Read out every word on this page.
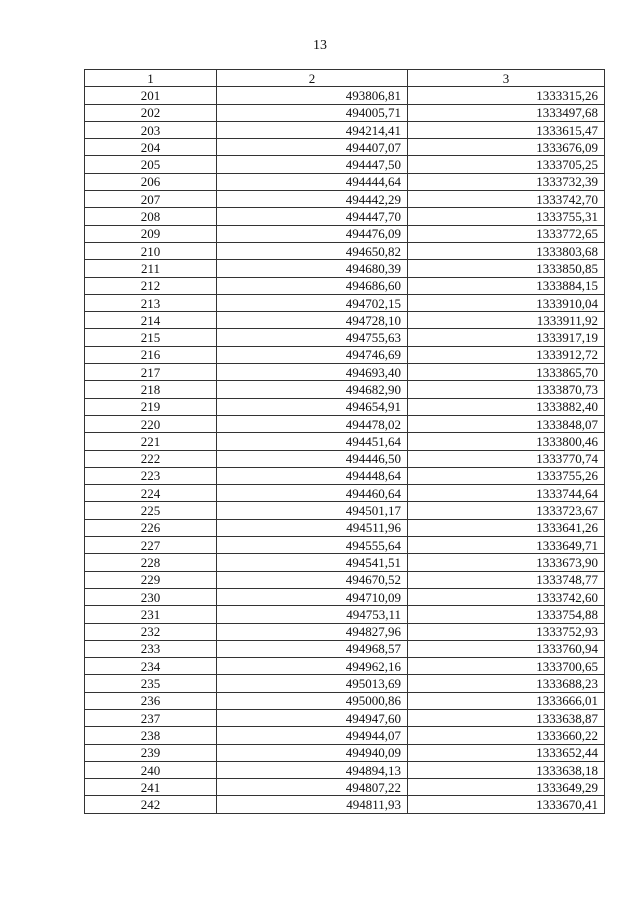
13
1	2	3
201	493806,81	1333315,26
202	494005,71	1333497,68
203	494214,41	1333615,47
204	494407,07	1333676,09
205	494447,50	1333705,25
206	494444,64	1333732,39
207	494442,29	1333742,70
208	494447,70	1333755,31
209	494476,09	1333772,65
210	494650,82	1333803,68
211	494680,39	1333850,85
212	494686,60	1333884,15
213	494702,15	1333910,04
214	494728,10	1333911,92
215	494755,63	1333917,19
216	494746,69	1333912,72
217	494693,40	1333865,70
218	494682,90	1333870,73
219	494654,91	1333882,40
220	494478,02	1333848,07
221	494451,64	1333800,46
222	494446,50	1333770,74
223	494448,64	1333755,26
224	494460,64	1333744,64
225	494501,17	1333723,67
226	494511,96	1333641,26
227	494555,64	1333649,71
228	494541,51	1333673,90
229	494670,52	1333748,77
230	494710,09	1333742,60
231	494753,11	1333754,88
232	494827,96	1333752,93
233	494968,57	1333760,94
234	494962,16	1333700,65
235	495013,69	1333688,23
236	495000,86	1333666,01
237	494947,60	1333638,87
238	494944,07	1333660,22
239	494940,09	1333652,44
240	494894,13	1333638,18
241	494807,22	1333649,29
242	494811,93	1333670,41
